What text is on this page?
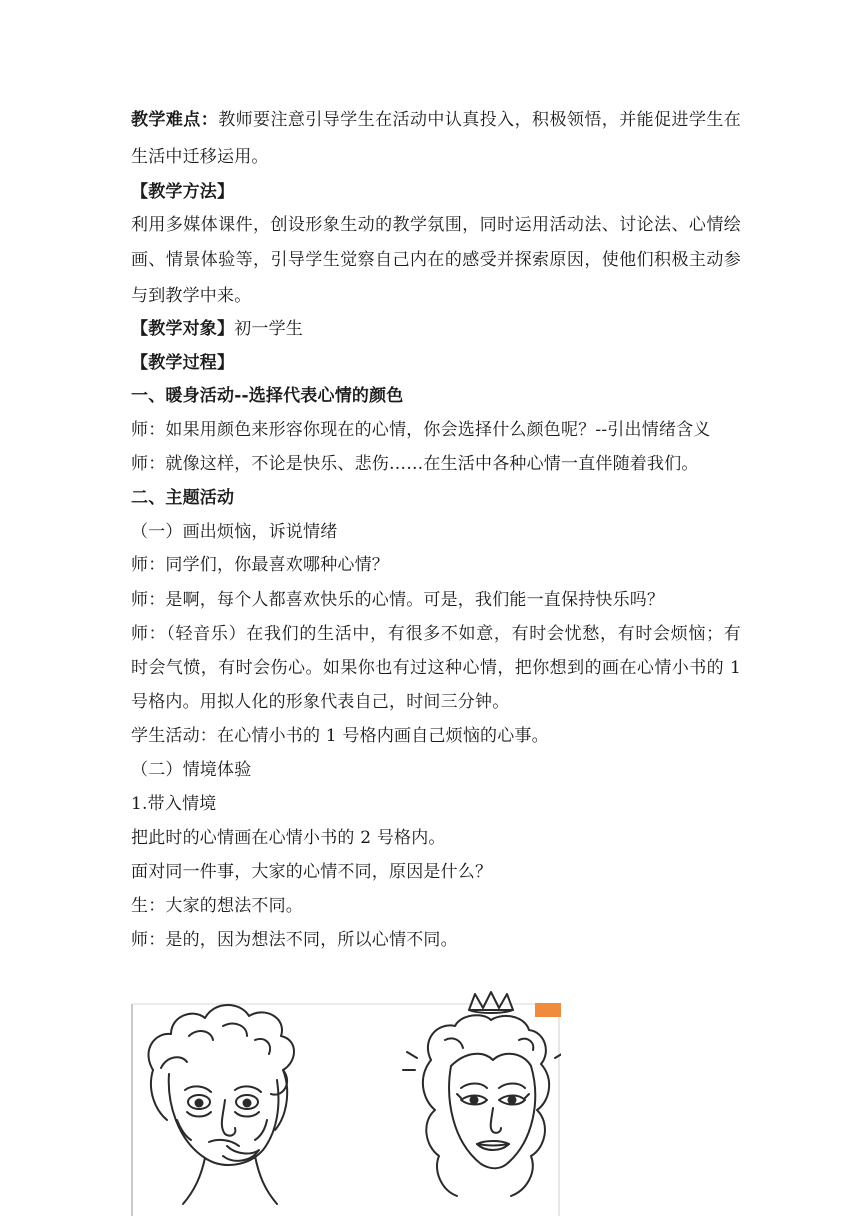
教学难点：教师要注意引导学生在活动中认真投入，积极领悟，并能促进学生在
生活中迁移运用。
【教学方法】
利用多媒体课件，创设形象生动的教学氛围，同时运用活动法、讨论法、心情绘
画、情景体验等，引导学生觉察自己内在的感受并探索原因，使他们积极主动参
与到教学中来。
【教学对象】初一学生
【教学过程】
一、暖身活动--选择代表心情的颜色
师：如果用颜色来形容你现在的心情，你会选择什么颜色呢？--引出情绪含义
师：就像这样，不论是快乐、悲伤……在生活中各种心情一直伴随着我们。
二、主题活动
（一）画出烦恼，诉说情绪
师：同学们，你最喜欢哪种心情？
师：是啊，每个人都喜欢快乐的心情。可是，我们能一直保持快乐吗？
师：（轻音乐）在我们的生活中，有很多不如意，有时会忧愁，有时会烦恼；有
时会气愤，有时会伤心。如果你也有过这种心情，把你想到的画在心情小书的 1
号格内。用拟人化的形象代表自己，时间三分钟。
学生活动：在心情小书的 1 号格内画自己烦恼的心事。
（二）情境体验
1.带入情境
把此时的心情画在心情小书的 2 号格内。
面对同一件事，大家的心情不同，原因是什么？
生：大家的想法不同。
师：是的，因为想法不同，所以心情不同。
